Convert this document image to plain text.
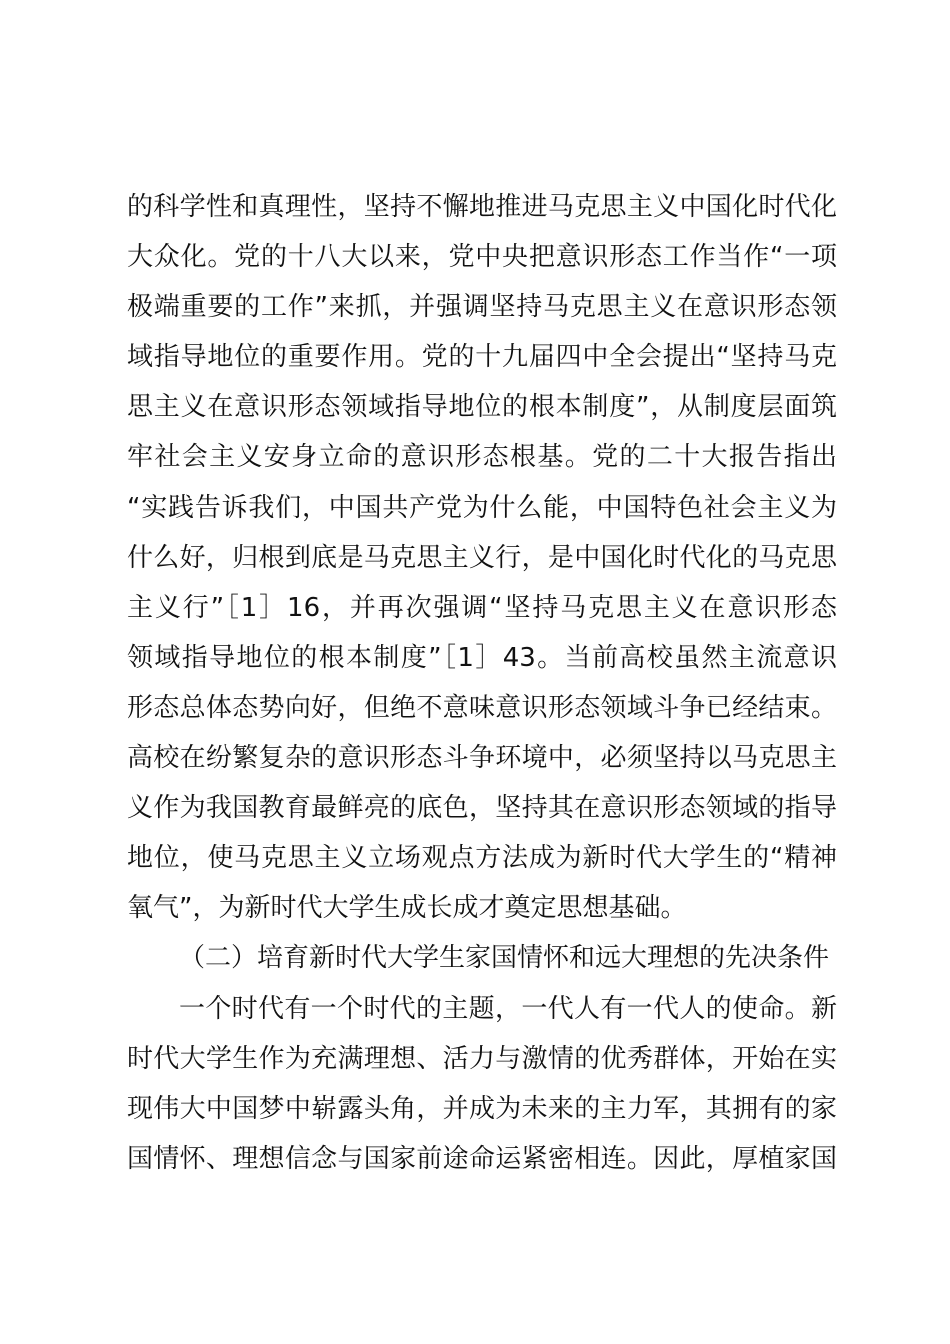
的科学性和真理性，坚持不懈地推进马克思主义中国化时代化
大众化。党的十八大以来，党中央把意识形态工作当作“一项
极端重要的工作”来抓，并强调坚持马克思主义在意识形态领
域指导地位的重要作用。党的十九届四中全会提出“坚持马克
思主义在意识形态领域指导地位的根本制度”，从制度层面筑
牢社会主义安身立命的意识形态根基。党的二十大报告指出
“实践告诉我们，中国共产党为什么能，中国特色社会主义为
什么好，归根到底是马克思主义行，是中国化时代化的马克思
主义行”［1］16，并再次强调“坚持马克思主义在意识形态
领域指导地位的根本制度”［1］43。当前高校虽然主流意识
形态总体态势向好，但绝不意味意识形态领域斗争已经结束。
高校在纷繁复杂的意识形态斗争环境中，必须坚持以马克思主
义作为我国教育最鲜亮的底色，坚持其在意识形态领域的指导
地位，使马克思主义立场观点方法成为新时代大学生的“精神
氧气”，为新时代大学生成长成才奠定思想基础。
（二）培育新时代大学生家国情怀和远大理想的先决条件
一个时代有一个时代的主题，一代人有一代人的使命。新
时代大学生作为充满理想、活力与激情的优秀群体，开始在实
现伟大中国梦中崭露头角，并成为未来的主力军，其拥有的家
国情怀、理想信念与国家前途命运紧密相连。因此，厚植家国
